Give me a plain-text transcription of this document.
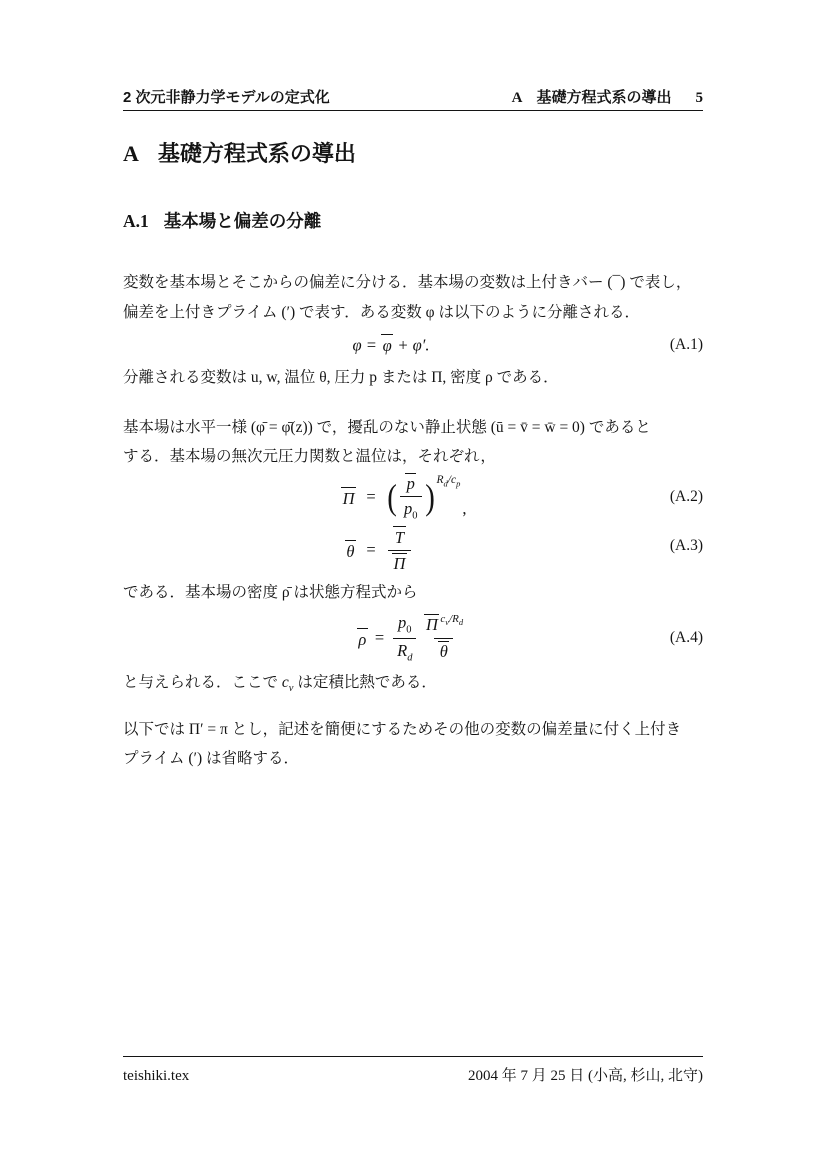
2 次元非静力学モデルの定式化	A 基礎方程式系の導出 5
A 基礎方程式系の導出
A.1 基本場と偏差の分離
変数を基本場とそこからの偏差に分ける．基本場の変数は上付きバー (¯) で表し，
偏差を上付きプライム (′) で表す．ある変数 φ は以下のように分離される．
φ = φ + φ′.	(A.1)
分離される変数は u, w, 温位 θ, 圧力 p または Π, 密度 ρ である．
基本場は水平一様 (φ̄ = φ̄(z)) で，擾乱のない静止状態 (ū = v̄ = w̄ = 0) であると
する．基本場の無次元圧力関数と温位は，それぞれ，
Π = ( $\frac{p}{p_0}$ ) $R_d/c_p$
,
(A.2)
$\theta = \frac{T}{\Pi}$	(A.3)
である．基本場の密度 ρ̄ は状態方程式から
$\rho = \frac{p_0}{R_d} \frac{\Pi ^{c_v/R_d}}{\theta}$	(A.4)
と与えられる．ここで $c_v$ は定積比熱である．
以下では Π′ = π とし，記述を簡便にするためその他の変数の偏差量に付く上付き
プライム (′) は省略する．
teishiki.tex	2004 年 7 月 25 日 (小高, 杉山, 北守)
